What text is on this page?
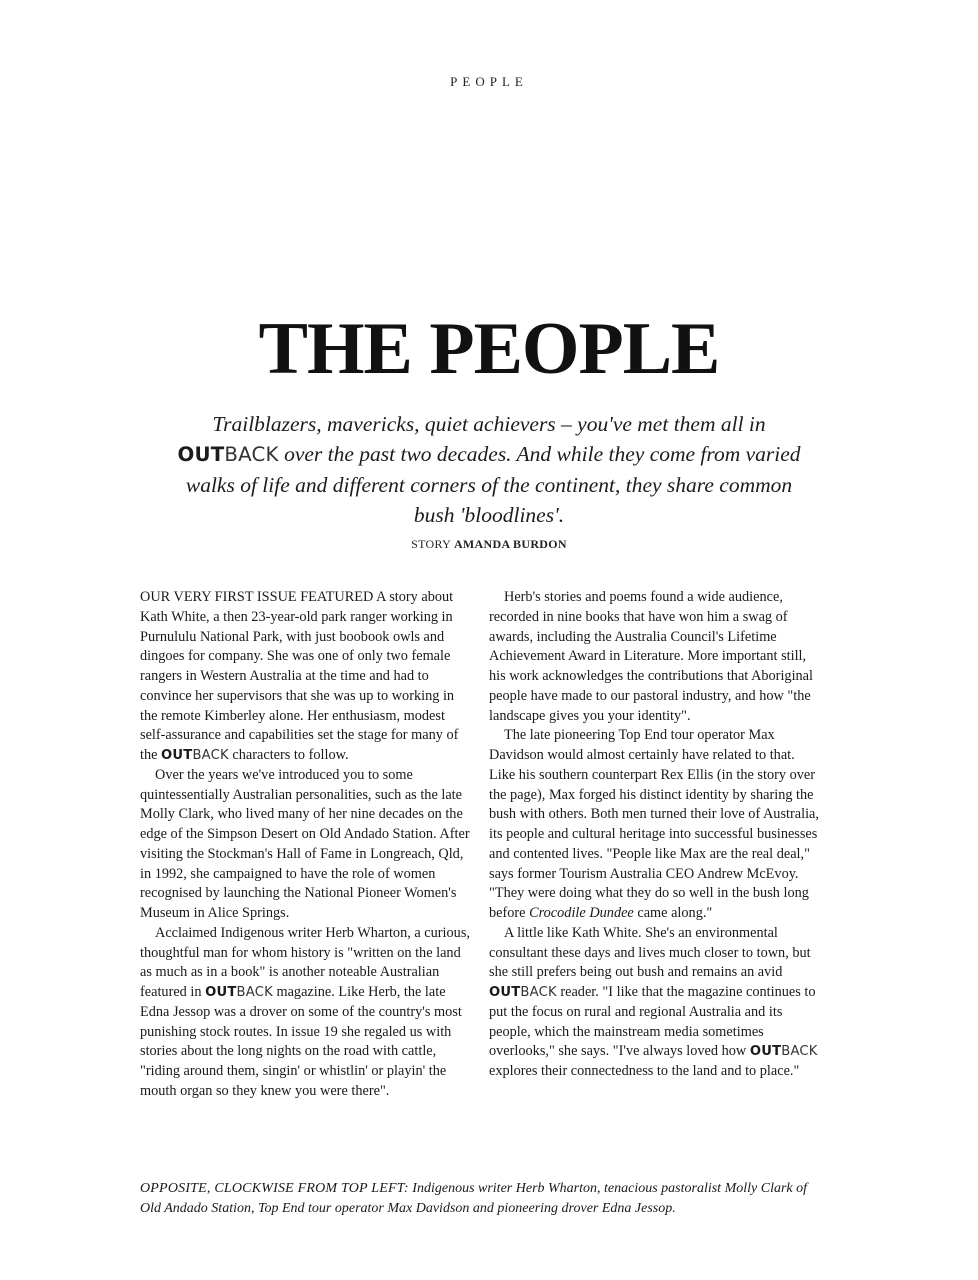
PEOPLE
THE PEOPLE

Trailblazers, mavericks, quiet achievers – you've met them all in OUTBACK over the past two decades. And while they come from varied walks of life and different corners of the continent, they share common bush 'bloodlines'.

STORY AMANDA BURDON

OUR VERY FIRST ISSUE FEATURED A story about Kath White, a then 23-year-old park ranger working in Purnululu National Park, with just boobook owls and dingoes for company. She was one of only two female rangers in Western Australia at the time and had to convince her supervisors that she was up to working in the remote Kimberley alone. Her enthusiasm, modest self-assurance and capabilities set the stage for many of the OUTBACK characters to follow.

Over the years we've introduced you to some quintessentially Australian personalities, such as the late Molly Clark, who lived many of her nine decades on the edge of the Simpson Desert on Old Andado Station. After visiting the Stockman's Hall of Fame in Longreach, Qld, in 1992, she campaigned to have the role of women recognised by launching the National Pioneer Women's Museum in Alice Springs.

Acclaimed Indigenous writer Herb Wharton, a curious, thoughtful man for whom history is "written on the land as much as in a book" is another noteable Australian featured in OUTBACK magazine. Like Herb, the late Edna Jessop was a drover on some of the country's most punishing stock routes. In issue 19 she regaled us with stories about the long nights on the road with cattle, "riding around them, singin' or whistlin' or playin' the mouth organ so they knew you were there".

Herb's stories and poems found a wide audience, recorded in nine books that have won him a swag of awards, including the Australia Council's Lifetime Achievement Award in Literature. More important still, his work acknowledges the contributions that Aboriginal people have made to our pastoral industry, and how "the landscape gives you your identity".

The late pioneering Top End tour operator Max Davidson would almost certainly have related to that. Like his southern counterpart Rex Ellis (in the story over the page), Max forged his distinct identity by sharing the bush with others. Both men turned their love of Australia, its people and cultural heritage into successful businesses and contented lives. "People like Max are the real deal," says former Tourism Australia CEO Andrew McEvoy. "They were doing what they do so well in the bush long before Crocodile Dundee came along."

A little like Kath White. She's an environmental consultant these days and lives much closer to town, but she still prefers being out bush and remains an avid OUTBACK reader. "I like that the magazine continues to put the focus on rural and regional Australia and its people, which the mainstream media sometimes overlooks," she says. "I've always loved how OUTBACK explores their connectedness to the land and to place."

OPPOSITE, CLOCKWISE FROM TOP LEFT: Indigenous writer Herb Wharton, tenacious pastoralist Molly Clark of Old Andado Station, Top End tour operator Max Davidson and pioneering drover Edna Jessop.
